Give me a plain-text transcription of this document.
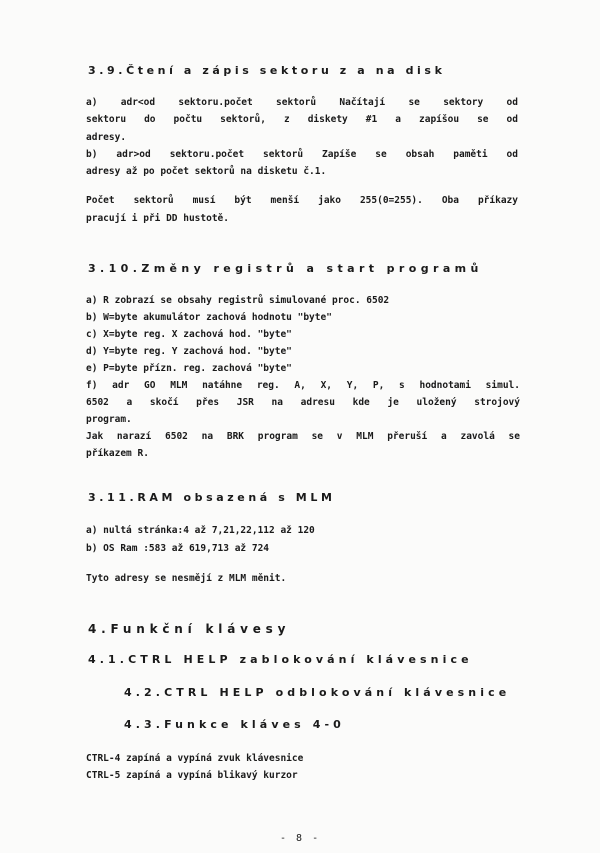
3.9.Čtení a zápis sektoru z a na disk
a) adr<od sektoru.počet sektorů Načítají se sektory od
sektoru do počtu sektorů, z diskety #1 a zapíšou se od
adresy.
b) adr>od sektoru.počet sektorů Zapíše se obsah paměti od
adresy až po počet sektorů na disketu č.1.
Počet sektorů musí být menší jako 255(0=255). Oba příkazy
pracují i při DD hustotě.
3.10.Změny registrů a start programů
a) R zobrazí se obsahy registrů simulované proc. 6502
b) W=byte akumulátor zachová hodnotu "byte"
c) X=byte reg. X zachová hod. "byte"
d) Y=byte reg. Y zachová hod. "byte"
e) P=byte přízn. reg. zachová "byte"
f) adr GO MLM natáhne reg. A, X, Y, P, s hodnotami simul.
6502 a skočí přes JSR na adresu kde je uložený strojový
program.
Jak narazí 6502 na BRK program se v MLM přeruší a zavolá se
příkazem R.
3.11.RAM obsazená s MLM
a) nultá stránka:4 až 7,21,22,112 až 120
b) OS Ram :583 až 619,713 až 724
Tyto adresy se nesmějí z MLM měnit.
4.Funkční klávesy
4.1.CTRL HELP zablokování klávesnice
4.2.CTRL HELP odblokování klávesnice
4.3.Funkce kláves 4-0
CTRL-4 zapíná a vypíná zvuk klávesnice
CTRL-5 zapíná a vypíná blikavý kurzor
- 8 -
